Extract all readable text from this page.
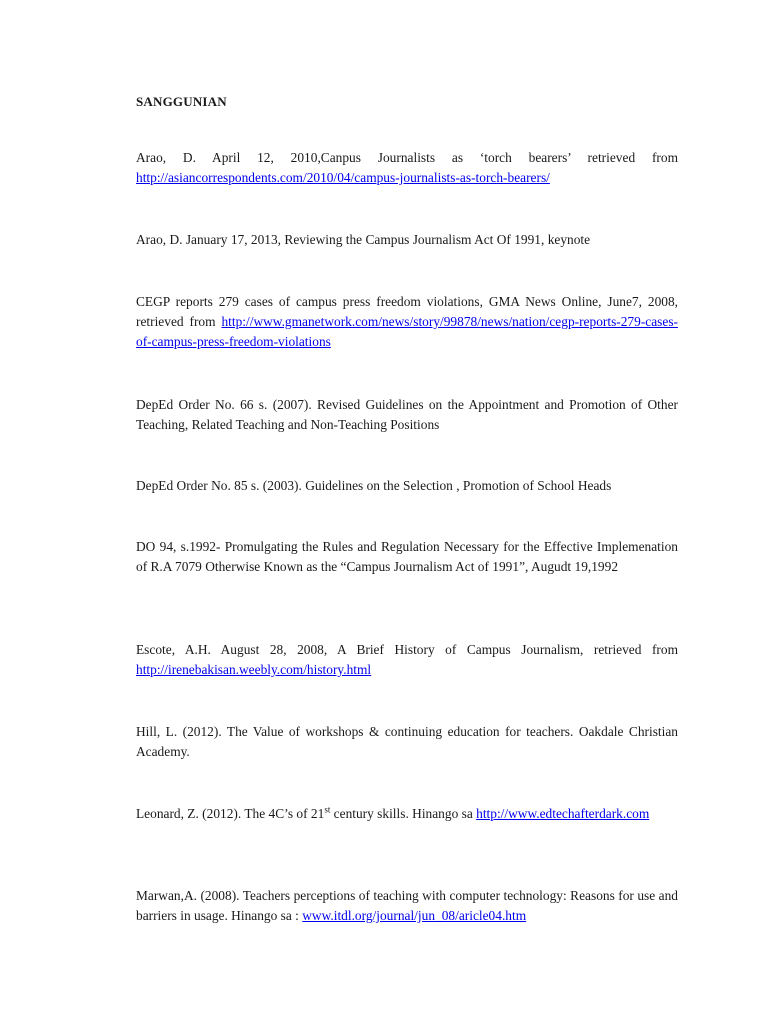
SANGGUNIAN

Arao, D. April 12, 2010,Canpus Journalists as ‘torch bearers’ retrieved from http://asiancorrespondents.com/2010/04/campus-journalists-as-torch-bearers/

Arao, D. January 17, 2013, Reviewing the Campus Journalism Act Of 1991, keynote

CEGP reports 279 cases of campus press freedom violations, GMA News Online, June7, 2008, retrieved from http://www.gmanetwork.com/news/story/99878/news/nation/cegp-reports-279-cases-of-campus-press-freedom-violations

DepEd Order No. 66 s. (2007). Revised Guidelines on the Appointment and Promotion of Other Teaching, Related Teaching and Non-Teaching Positions

DepEd Order No. 85 s. (2003). Guidelines on the Selection , Promotion of School Heads

DO 94, s.1992- Promulgating the Rules and Regulation Necessary for the Effective Implemenation of R.A 7079 Otherwise Known as the “Campus Journalism Act of 1991”, Augudt 19,1992

Escote, A.H. August 28, 2008, A Brief History of Campus Journalism, retrieved from http://irenebakisan.weebly.com/history.html

Hill, L. (2012). The Value of workshops & continuing education for teachers. Oakdale Christian Academy.

Leonard, Z. (2012). The 4C’s of 21st century skills. Hinango sa http://www.edtechafterdark.com

Marwan,A. (2008). Teachers perceptions of teaching with computer technology: Reasons for use and barriers in usage. Hinango sa : www.itdl.org/journal/jun_08/aricle04.htm
